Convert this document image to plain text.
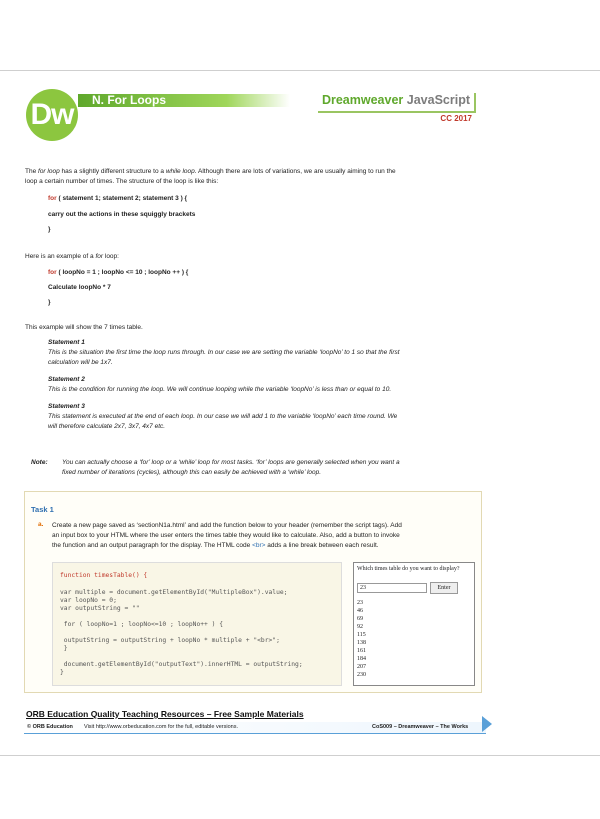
Dw	N. For Loops	Dreamweaver JavaScript
CC 2017
The for loop has a slightly different structure to a while loop. Although there are lots of variations, we are usually aiming to run the
loop a certain number of times. The structure of the loop is like this:
for ( statement 1; statement 2; statement 3 ) {
carry out the actions in these squiggly brackets
}
Here is an example of a for loop:
for ( loopNo = 1 ; loopNo <= 10 ; loopNo ++ ) {
Calculate loopNo * 7
}
This example will show the 7 times table.
Statement 1
This is the situation the first time the loop runs through. In our case we are setting the variable ‘loopNo’ to 1 so that the first
calculation will be 1x7.
Statement 2
This is the condition for running the loop. We will continue looping while the variable ‘loopNo’ is less than or equal to 10.
Statement 3
This statement is executed at the end of each loop. In our case we will add 1 to the variable ‘loopNo’ each time round. We
will therefore calculate 2x7, 3x7, 4x7 etc.
Note: You can actually choose a ‘for’ loop or a ‘while’ loop for most tasks. ‘for’ loops are generally selected when you want a
fixed number of iterations (cycles), although this can easily be achieved with a ‘while’ loop.
Task 1
a. Create a new page saved as ‘sectionN1a.html’ and add the function below to your header (remember the script tags). Add
an input box to your HTML where the user enters the times table they would like to calculate. Also, add a button to invoke
the function and an output paragraph for the display. The HTML code <br> adds a line break between each result.
function timesTable() {
var multiple = document.getElementById("MultipleBox").value;
var loopNo = 0;
var outputString = ""
for ( loopNo=1 ; loopNo<=10 ; loopNo++ ) {
outputString = outputString + loopNo * multiple + "<br>";
}
document.getElementById("outputText").innerHTML = outputString;
}
Which times table do you want to display?
23	Enter
23
46
69
92
115
138
161
184
207
230
ORB Education Quality Teaching Resources – Free Sample Materials
© ORB Education Visit http://www.orbeducation.com for the full, editable versions.	CoS009 – Dreamweaver – The Works
